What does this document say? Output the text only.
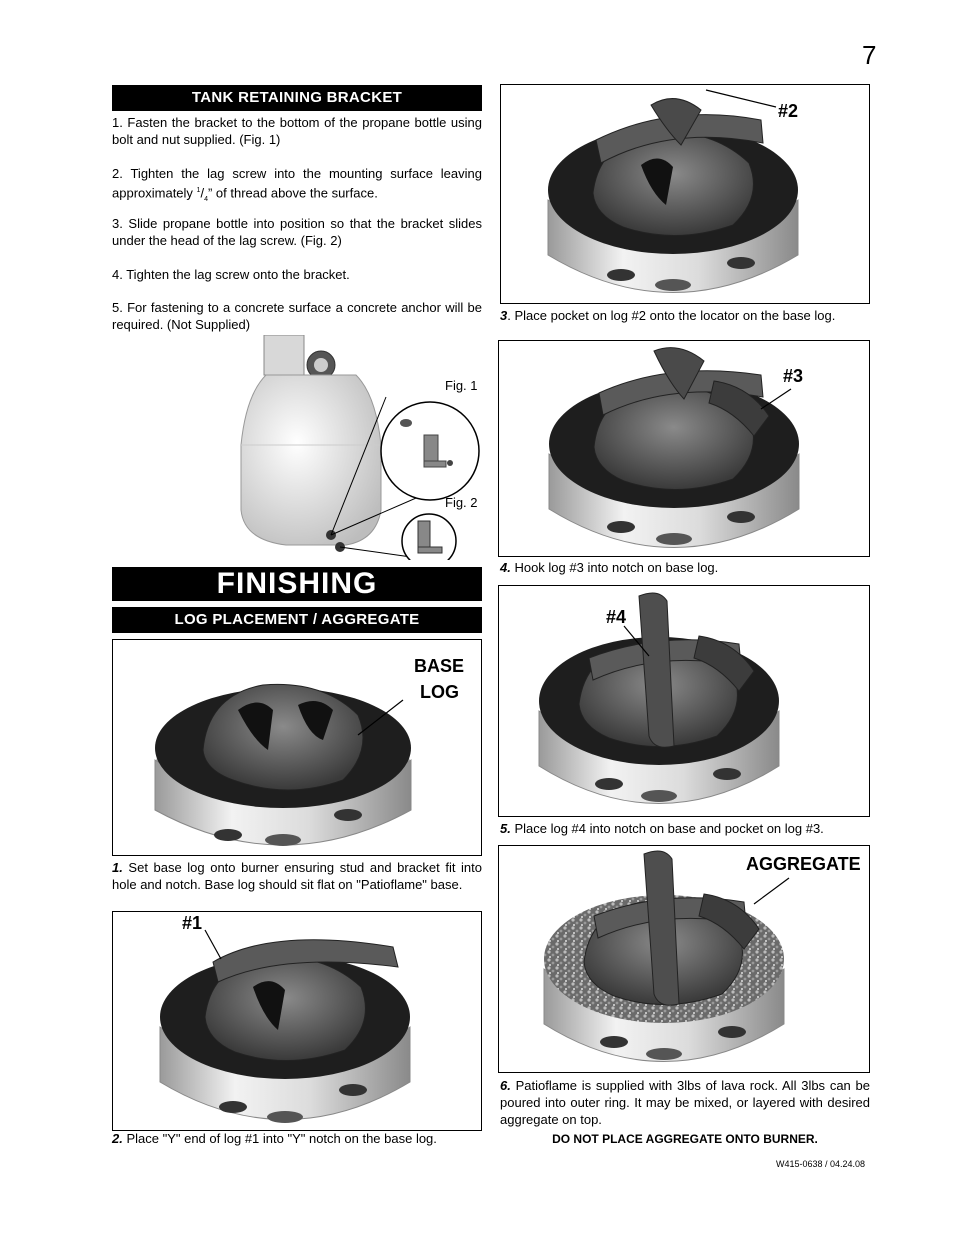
7
TANK RETAINING BRACKET
1. Fasten the bracket to the bottom of the propane bottle using bolt and nut supplied. (Fig. 1)
2. Tighten the lag screw into the mounting surface leaving approximately $^1/_4$” of thread above the surface.
3. Slide propane bottle into position so that the bracket slides under the head of the lag screw. (Fig. 2)
4. Tighten the lag screw onto the bracket.
5. For fastening to a concrete surface a concrete anchor will be required. (Not Supplied)
Fig. 1
Fig. 2
FINISHING
LOG PLACEMENT / AGGREGATE
BASE
LOG
1. Set base log onto burner ensuring stud and bracket fit into hole and notch. Base log should sit flat on "Patioflame" base.
#1
2. Place "Y" end of log #1 into "Y" notch on the base log.
#2
3. Place pocket on log #2 onto the locator on the base log.
#3
4. Hook log #3 into notch on base log.
#4
5. Place log #4 into notch on base and pocket on log #3.
AGGREGATE
6. Patioflame is supplied with 3lbs of lava rock. All 3lbs can be poured into outer ring. It may be mixed, or layered with desired aggregate on top.
DO NOT PLACE AGGREGATE ONTO BURNER.
W415-0638 / 04.24.08
